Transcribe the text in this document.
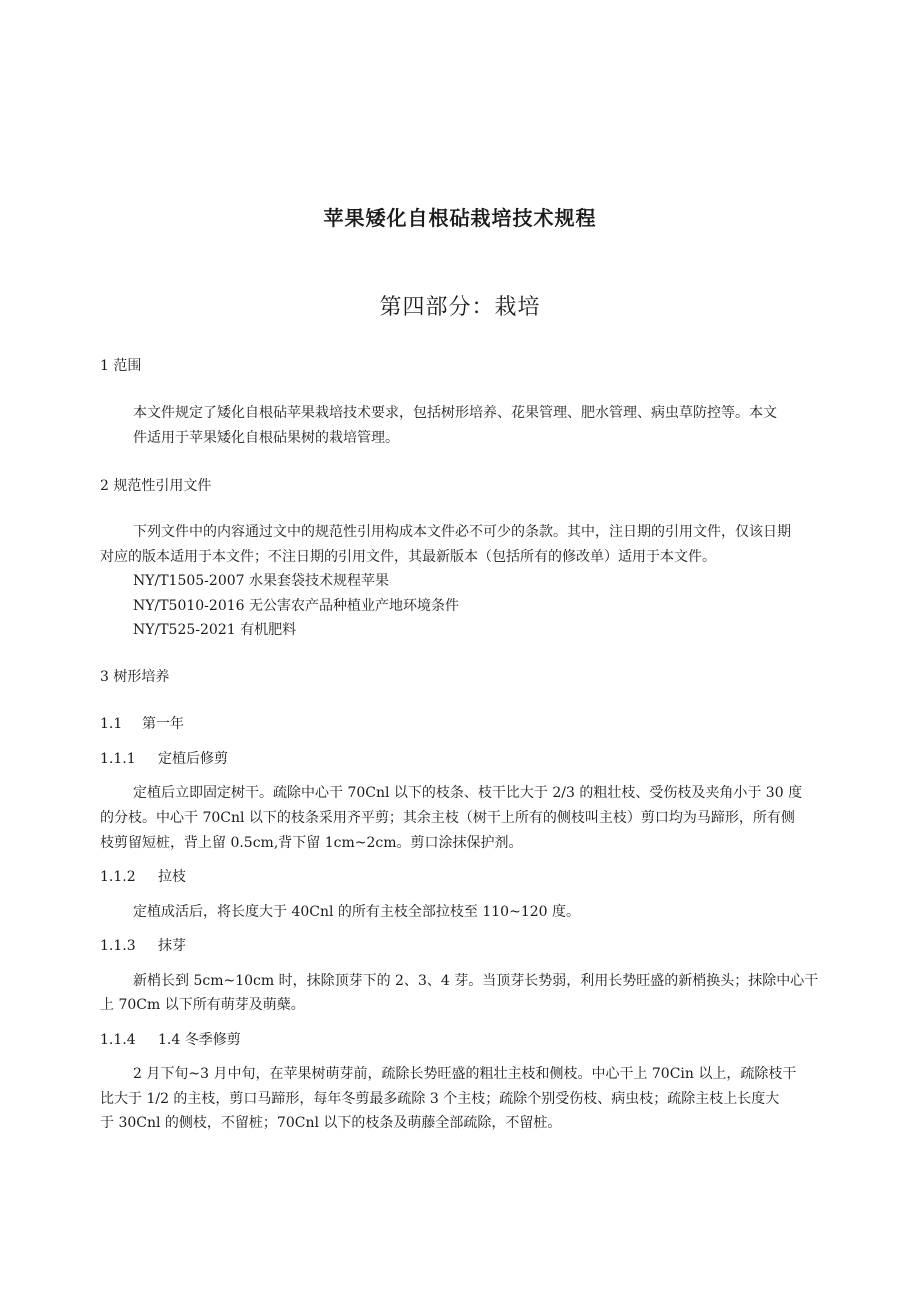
苹果矮化自根砧栽培技术规程
第四部分：栽培
1 范围
本文件规定了矮化自根砧苹果栽培技术要求，包括树形培养、花果管理、肥水管理、病虫草防控等。本文
件适用于苹果矮化自根砧果树的栽培管理。
2 规范性引用文件
下列文件中的内容通过文中的规范性引用构成本文件必不可少的条款。其中，注日期的引用文件，仅该日期
对应的版本适用于本文件；不注日期的引用文件，其最新版本（包括所有的修改单）适用于本文件。
NY/T1505-2007 水果套袋技术规程苹果
NY/T5010-2016 无公害农产品种植业产地环境条件
NY/T525-2021 有机肥料
3 树形培养
1.1 第一年
1.1.1 定植后修剪
定植后立即固定树干。疏除中心干 70Cnl 以下的枝条、枝干比大于 2/3 的粗壮枝、受伤枝及夹角小于 30 度
的分枝。中心干 70Cnl 以下的枝条采用齐平剪；其余主枝（树干上所有的侧枝叫主枝）剪口均为马蹄形，所有侧
枝剪留短桩，背上留 0.5cm,背下留 1cm~2cm。剪口涂抹保护剂。
1.1.2 拉枝
定植成活后，将长度大于 40Cnl 的所有主枝全部拉枝至 110~120 度。
1.1.3 抹芽
新梢长到 5cm~10cm 时，抹除顶芽下的 2、3、4 芽。当顶芽长势弱，利用长势旺盛的新梢换头；抹除中心干
上 70Cm 以下所有萌芽及萌蘖。
1.1.4 1.4 冬季修剪
2 月下旬~3 月中旬，在苹果树萌芽前，疏除长势旺盛的粗壮主枝和侧枝。中心干上 70Cin 以上，疏除枝干
比大于 1/2 的主枝，剪口马蹄形，每年冬剪最多疏除 3 个主枝；疏除个别受伤枝、病虫枝；疏除主枝上长度大
于 30Cnl 的侧枝，不留桩；70Cnl 以下的枝条及萌藤全部疏除，不留桩。
